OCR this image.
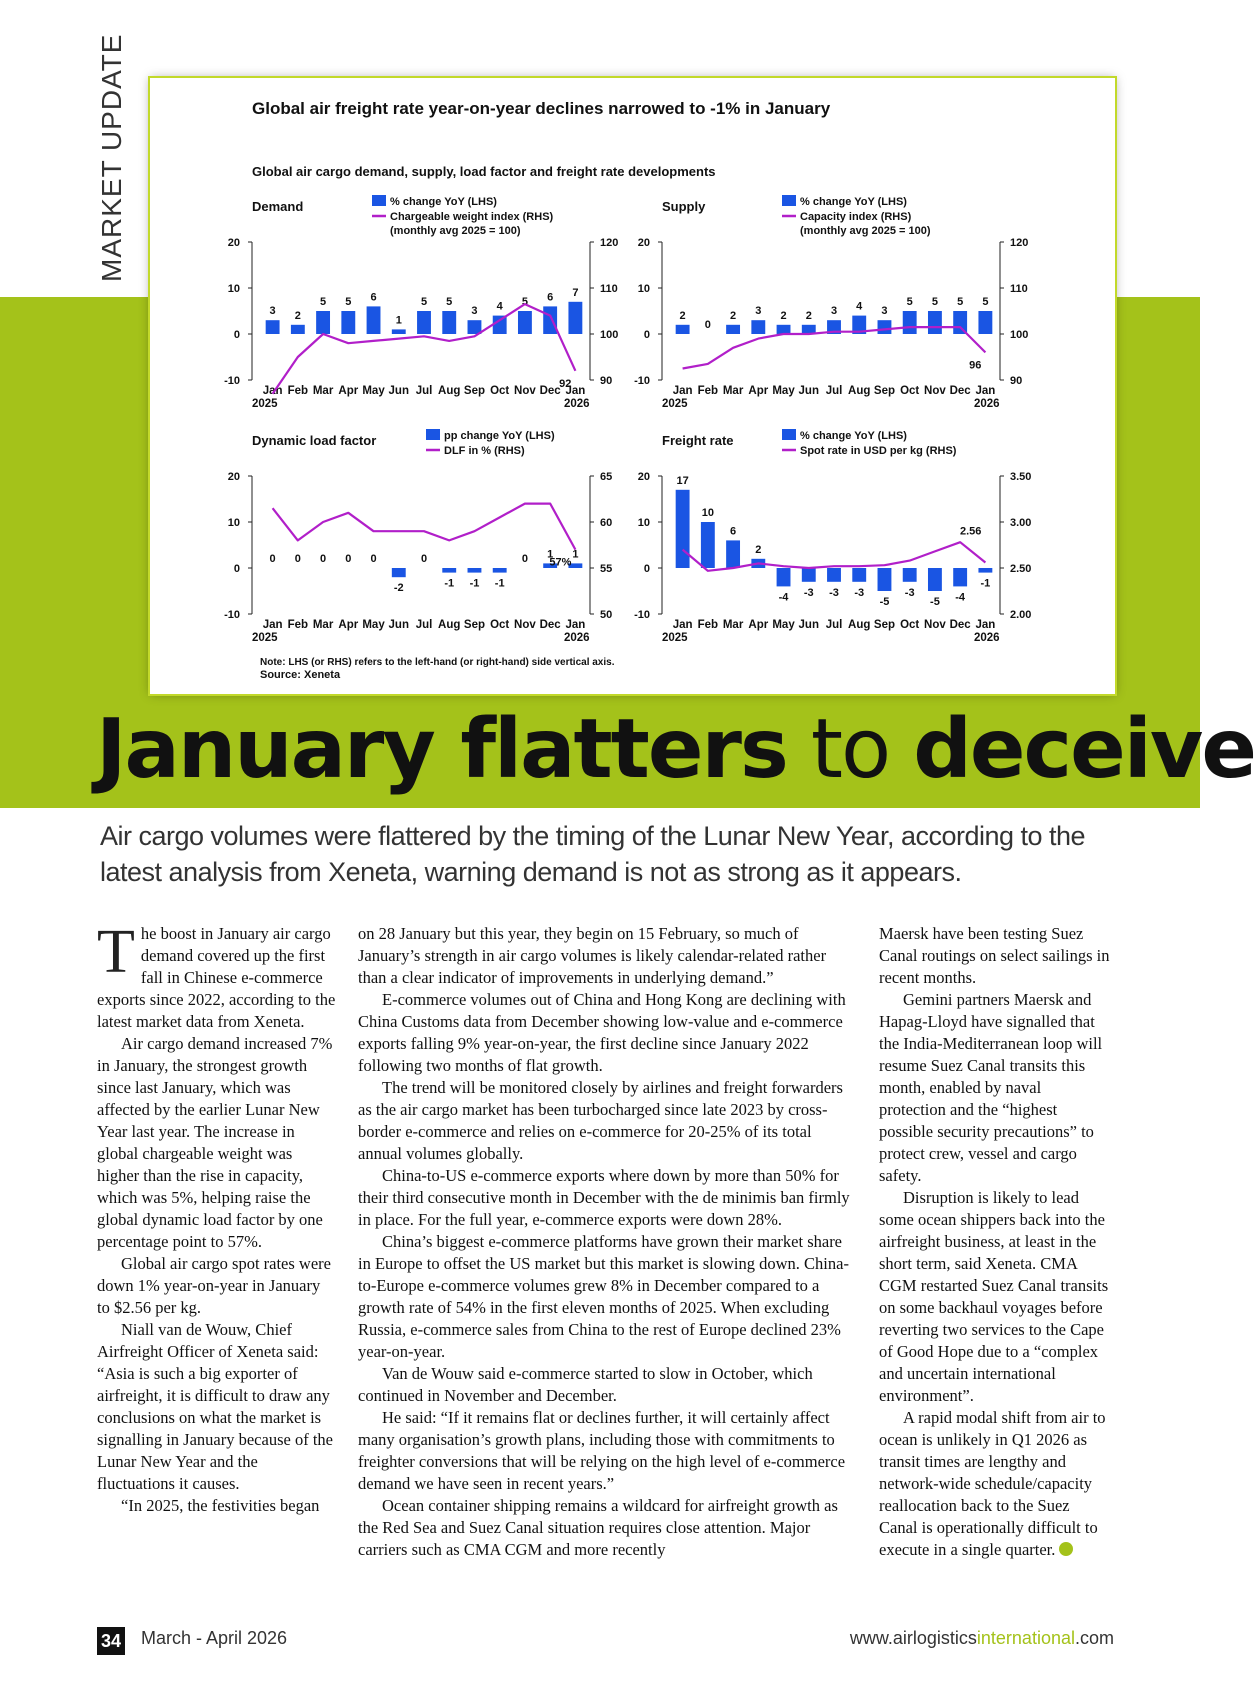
MARKET UPDATE	Global air freight rate year-on-year declines narrowed to -1% in January
Global air cargo demand, supply, load factor and freight rate developments
Note: LHS (or RHS) refers to the left-hand (or right-hand) side vertical axis.
Source: Xeneta
Demand	% change YoY (LHS)
Chargeable weight index (RHS)
(monthly avg 2025 = 100)
-10
0
10
20
90
100
110
120
Jan Feb Mar Apr May Jun Jul Aug Sep Oct Nov Dec Jan
2025	2026
3 2
5 5 6
1
5 5
3 4 5 6 7
92
Supply	% change YoY (LHS)
Capacity index (RHS)
(monthly avg 2025 = 100)
-10
0
10
20
90
100
110
120
Jan Feb Mar Apr May Jun Jul Aug Sep Oct Nov Dec Jan
2025	2026
2
0
2 3 2 2 3 4 3
5 5 5 5
96
Dynamic load factor	pp change YoY (LHS)
DLF in % (RHS)
-10
0
10
20
50
55
60
65
Jan Feb Mar Apr May Jun Jul Aug Sep Oct Nov Dec Jan
2025	2026
0 0 0 0 0
-2
0
-1 -1 -1
0 1 1
57%
Freight rate	% change YoY (LHS)
Spot rate in USD per kg (RHS)
-10
0
10
20
2.00
2.50
3.00
3.50
Jan Feb Mar Apr May Jun Jul Aug Sep Oct Nov Dec Jan
2025	2026
17
10
6
2
-4 -3 -3 -3
-5
-3
-5 -4
-1
2.56
January flatters to deceive
Air cargo volumes were flattered by the timing of the Lunar New Year, according to the latest analysis from Xeneta, warning demand is not as strong as it appears.

The boost in January air cargo demand covered up the first fall in Chinese e-commerce exports since 2022, according to the latest market data from Xeneta.

Air cargo demand increased 7% in January, the strongest growth since last January, which was affected by the earlier Lunar New Year last year. The increase in global chargeable weight was higher than the rise in capacity, which was 5%, helping raise the global dynamic load factor by one percentage point to 57%.

Global air cargo spot rates were down 1% year-on-year in January to $2.56 per kg.

Niall van de Wouw, Chief Airfreight Officer of Xeneta said: “Asia is such a big exporter of airfreight, it is difficult to draw any conclusions on what the market is signalling in January because of the Lunar New Year and the fluctuations it causes.

“In 2025, the festivities began

on 28 January but this year, they begin on 15 February, so much of January’s strength in air cargo volumes is likely calendar-related rather than a clear indicator of improvements in underlying demand.”

E-commerce volumes out of China and Hong Kong are declining with China Customs data from December showing low-value and e-commerce exports falling 9% year-on-year, the first decline since January 2022 following two months of flat growth.

The trend will be monitored closely by airlines and freight forwarders as the air cargo market has been turbocharged since late 2023 by cross-border e-commerce and relies on e-commerce for 20-25% of its total annual volumes globally.

China-to-US e-commerce exports where down by more than 50% for their third consecutive month in December with the de minimis ban firmly in place. For the full year, e-commerce exports were down 28%.

China’s biggest e-commerce platforms have grown their market share in Europe to offset the US market but this market is slowing down. China-to-Europe e-commerce volumes grew 8% in December compared to a growth rate of 54% in the first eleven months of 2025. When excluding Russia, e-commerce sales from China to the rest of Europe declined 23% year-on-year.

Van de Wouw said e-commerce started to slow in October, which continued in November and December.

He said: “If it remains flat or declines further, it will certainly affect many organisation’s growth plans, including those with commitments to freighter conversions that will be relying on the high level of e-commerce demand we have seen in recent years.”

Ocean container shipping remains a wildcard for airfreight growth as the Red Sea and Suez Canal situation requires close attention. Major carriers such as CMA CGM and more recently

Maersk have been testing Suez Canal routings on select sailings in recent months.

Gemini partners Maersk and Hapag-Lloyd have signalled that the India-Mediterranean loop will resume Suez Canal transits this month, enabled by naval protection and the “highest possible security precautions” to protect crew, vessel and cargo safety.

Disruption is likely to lead some ocean shippers back into the airfreight business, at least in the short term, said Xeneta. CMA CGM restarted Suez Canal transits on some backhaul voyages before reverting two services to the Cape of Good Hope due to a “complex and uncertain international environment”.

A rapid modal shift from air to ocean is unlikely in Q1 2026 as transit times are lengthy and network-wide schedule/capacity reallocation back to the Suez Canal is operationally difficult to execute in a single quarter.

34 March - April 2026	www.airlogisticsinternational.com
